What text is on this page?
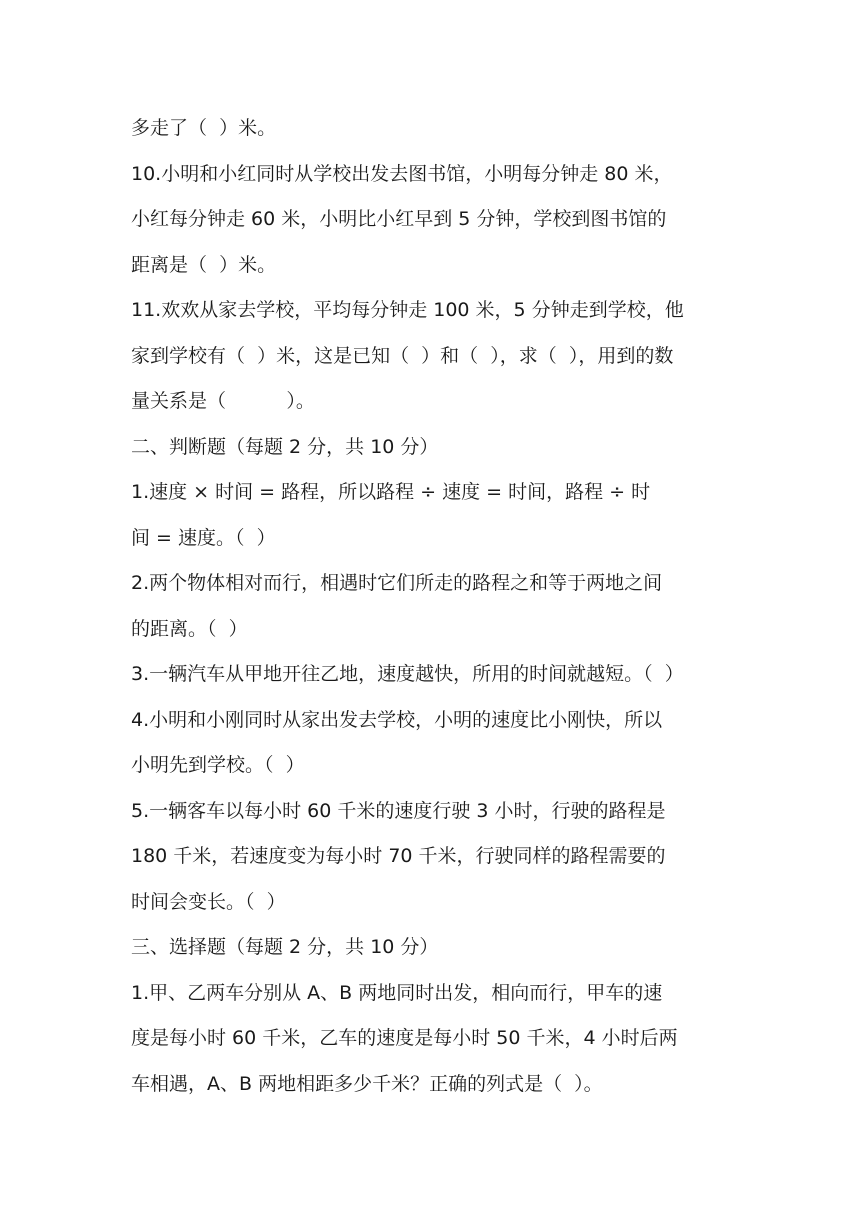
多走了（  ）米。
10.小明和小红同时从学校出发去图书馆，小明每分钟走 80 米，
小红每分钟走 60 米，小明比小红早到 5 分钟，学校到图书馆的
距离是（  ）米。
11.欢欢从家去学校，平均每分钟走 100 米，5 分钟走到学校，他
家到学校有（  ）米，这是已知（  ）和（  ），求（  ），用到的数
量关系是（          ）。
二、判断题（每题 2 分，共 10 分）
1.速度 × 时间 = 路程，所以路程 ÷ 速度 = 时间，路程 ÷ 时
间 = 速度。（  ）
2.两个物体相对而行，相遇时它们所走的路程之和等于两地之间
的距离。（  ）
3.一辆汽车从甲地开往乙地，速度越快，所用的时间就越短。（  ）
4.小明和小刚同时从家出发去学校，小明的速度比小刚快，所以
小明先到学校。（  ）
5.一辆客车以每小时 60 千米的速度行驶 3 小时，行驶的路程是
180 千米，若速度变为每小时 70 千米，行驶同样的路程需要的
时间会变长。（  ）
三、选择题（每题 2 分，共 10 分）
1.甲、乙两车分别从 A、B 两地同时出发，相向而行，甲车的速
度是每小时 60 千米，乙车的速度是每小时 50 千米，4 小时后两
车相遇，A、B 两地相距多少千米？正确的列式是（  ）。
